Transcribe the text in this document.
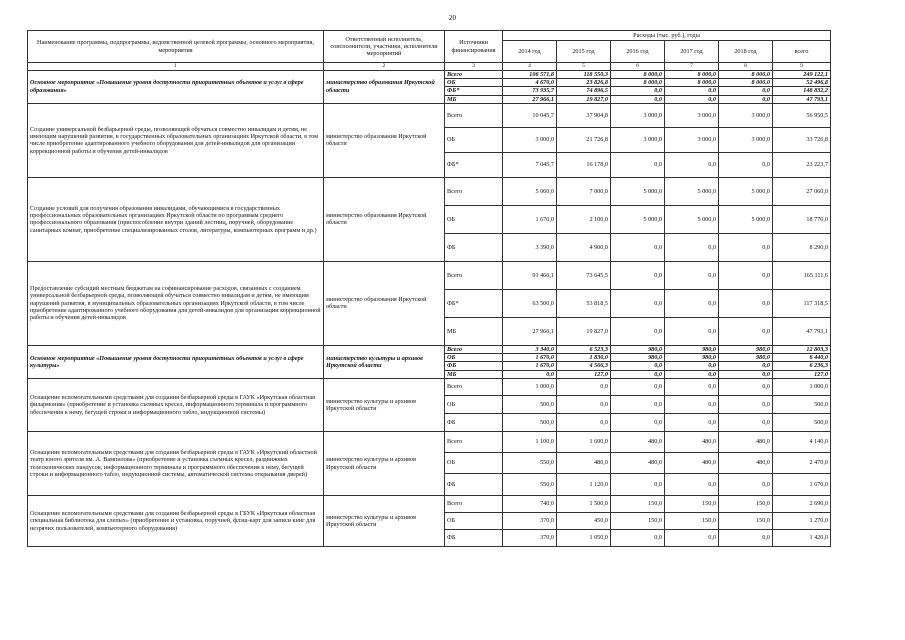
20
Наименование программы, подпрограммы, ведомственной целевой программы, основного мероприятия, мероприятия	Ответственный исполнитель, соисполнители, участники, исполнители мероприятий	Источники финансирования	Расходы (тыс. руб.), годы					
			2014 год	2015 год	2016 год	2017 год	2018 год	всего
1	2	3	4	5	6	7	8	9
Основное мероприятие «Повышение уровня доступности приоритетных объектов и услуг в сфере образования»	министерство образования Иркутской области	Всего	106 571,8	118 550,3	8 000,0	8 000,0	8 000,0	249 122,1
		ОБ	4 670,0	23 826,8	8 000,0	8 000,0	8 000,0	52 496,8
		ФБ*	73 935,7	74 896,5	0,0	0,0	0,0	148 832,2
		МБ	27 966,1	19 827,0	0,0	0,0	0,0	47 793,1
Создание универсальной безбарьерной среды, позволяющей обучаться совместно инвалидам и детям, не имеющим нарушений развития, в государственных образовательных организациях Иркутской области, в том числе приобретение адаптированного учебного оборудования для детей-инвалидов для организации коррекционной работы и обучения детей-инвалидов	министерство образования Иркутской области	Всего	10 045,7	37 904,8	3 000,0	3 000,0	3 000,0	56 950,5
		ОБ	3 000,0	21 726,8	3 000,0	3 000,0	3 000,0	33 726,8
		ФБ*	7 045,7	16 178,0	0,0	0,0	0,0	23 223,7
Создание условий для получения образования инвалидами, обучающимися в государственных профессиональных образовательных организациях Иркутской области по программам среднего профессионального образования (приспособление внутри зданий лестниц, поручней, оборудование санитарных комнат, приобретение специализированных столов, литературы, компьютерных программ и др.)	министерство образования Иркутской области	Всего	5 060,0	7 000,0	5 000,0	5 000,0	5 000,0	27 060,0
		ОБ	1 670,0	2 100,0	5 000,0	5 000,0	5 000,0	18 770,0
		ФБ	3 390,0	4 900,0	0,0	0,0	0,0	8 290,0
Предоставление субсидий местным бюджетам на софинансирование расходов, связанных с созданием универсальной безбарьерной среды, позволяющей обучаться совместно инвалидам и детям, не имеющим нарушений развития, в муниципальных образовательных организациях Иркутской области, в том числе приобретение адаптированного учебного оборудования для детей-инвалидов для организации коррекционной работы и обучения детей-инвалидов	министерство образования Иркутской области	Всего	91 466,1	73 645,5	0,0	0,0	0,0	165 111,6
		ФБ*	63 500,0	53 818,5	0,0	0,0	0,0	117 318,5
		МБ	27 966,1	19 827,0	0,0	0,0	0,0	47 793,1
Основное мероприятие «Повышение уровня доступности приоритетных объектов и услуг в сфере культуры»	министерство культуры и архивов Иркутской области	Всего	3 340,0	6 523,3	980,0	980,0	980,0	12 803,3
		ОБ	1 670,0	1 830,0	980,0	980,0	980,0	6 440,0
		ФБ	1 670,0	4 566,3	0,0	0,0	0,0	6 236,3
		МБ	0,0	127,0	0,0	0,0	0,0	127,0
Оснащение вспомогательными средствами для создания безбарьерной среды в ГАУК «Иркутская областная филармония» (приобретение и установка съемных кресел, информационного терминала и программного обеспечения к нему, бегущей строки и информационного табло, индукционной системы)	министерство культуры и архивов Иркутской области	Всего	1 000,0	0,0	0,0	0,0	0,0	1 000,0
		ОБ	500,0	0,0	0,0	0,0	0,0	500,0
		ФБ	500,0	0,0	0,0	0,0	0,0	500,0
Оснащение вспомогательными средствами для создания безбарьерной среды в ГАУК «Иркутский областной театр юного зрителя им. А. Вампилова» (приобретение и установка съемных кресел, раздвижных телескопических пандусов, информационного терминала и программного обеспечения к нему, бегущей строки и информационного табло, индукционной системы, автоматической системы открывания дверей)	министерство культуры и архивов Иркутской области	Всего	1 100,0	1 600,0	480,0	480,0	480,0	4 140,0
		ОБ	550,0	480,0	480,0	480,0	480,0	2 470,0
		ФБ	550,0	1 120,0	0,0	0,0	0,0	1 670,0
Оснащение вспомогательными средствами для создания безбарьерной среды в ГБУК «Иркутская областная специальная библиотека для слепых» (приобретение и установка, поручней, флэш-карт для записи книг для незрячих пользователей, компьютерного оборудования)	министерство культуры и архивов Иркутской области	Всего	740,0	1 500,0	150,0	150,0	150,0	2 690,0
		ОБ	370,0	450,0	150,0	150,0	150,0	1 270,0
		ФБ	370,0	1 050,0	0,0	0,0	0,0	1 420,0
